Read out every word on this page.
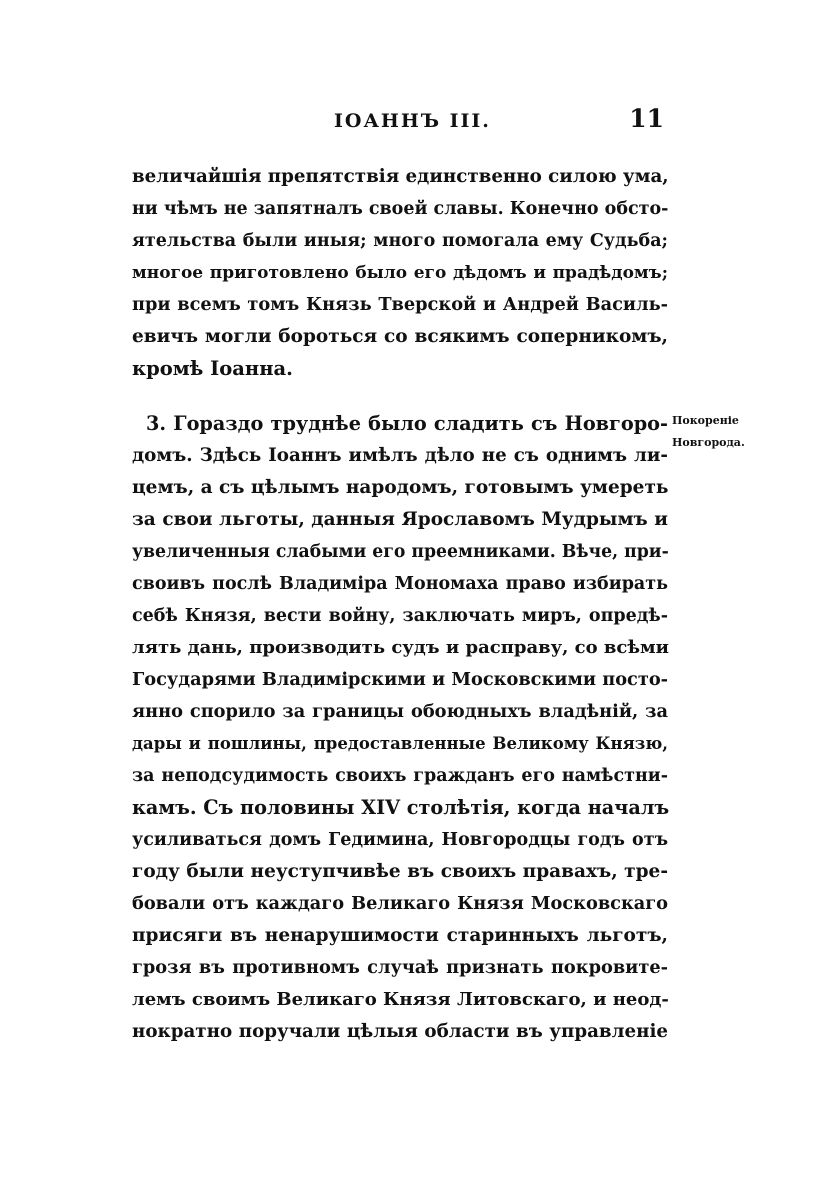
ІОАННЪ III.	11
величайшія препятствія единственно силою ума,
ни чѣмъ не запятналъ своей славы. Конечно обсто-
ятельства были иныя; много помогала ему Судьба;
многое приготовлено было его дѣдомъ и прадѣдомъ;
при всемъ томъ Князь Тверской и Андрей Василь-
евичъ могли бороться со всякимъ соперникомъ,
кромѣ Іоанна.
3. Гораздо труднѣе было сладить съ Новгоро-
домъ. Здѣсь Іоаннъ имѣлъ дѣло не съ однимъ ли-
цемъ, а съ цѣлымъ народомъ, готовымъ умереть
за свои льготы, данныя Ярославомъ Мудрымъ и
увеличенныя слабыми его преемниками. Вѣче, при-
своивъ послѣ Владиміра Мономаха право избирать
себѣ Князя, вести войну, заключать миръ, опредѣ-
лять дань, производить судъ и расправу, со всѣми
Государями Владимірскими и Московскими посто-
янно спорило за границы обоюдныхъ владѣній, за
дары и пошлины, предоставленные Великому Князю,
за неподсудимость своихъ гражданъ его намѣстни-
камъ. Съ половины XIV столѣтія, когда началъ
усиливаться домъ Гедимина, Новгородцы годъ отъ
году были неуступчивѣе въ своихъ правахъ, тре-
бовали отъ каждаго Великаго Князя Московскаго
присяги въ ненарушимости старинныхъ льготъ,
грозя въ противномъ случаѣ признать покровите-
лемъ своимъ Великаго Князя Литовскаго, и неод-
нократно поручали цѣлыя области въ управленіе
Покореніе
Новгорода.
